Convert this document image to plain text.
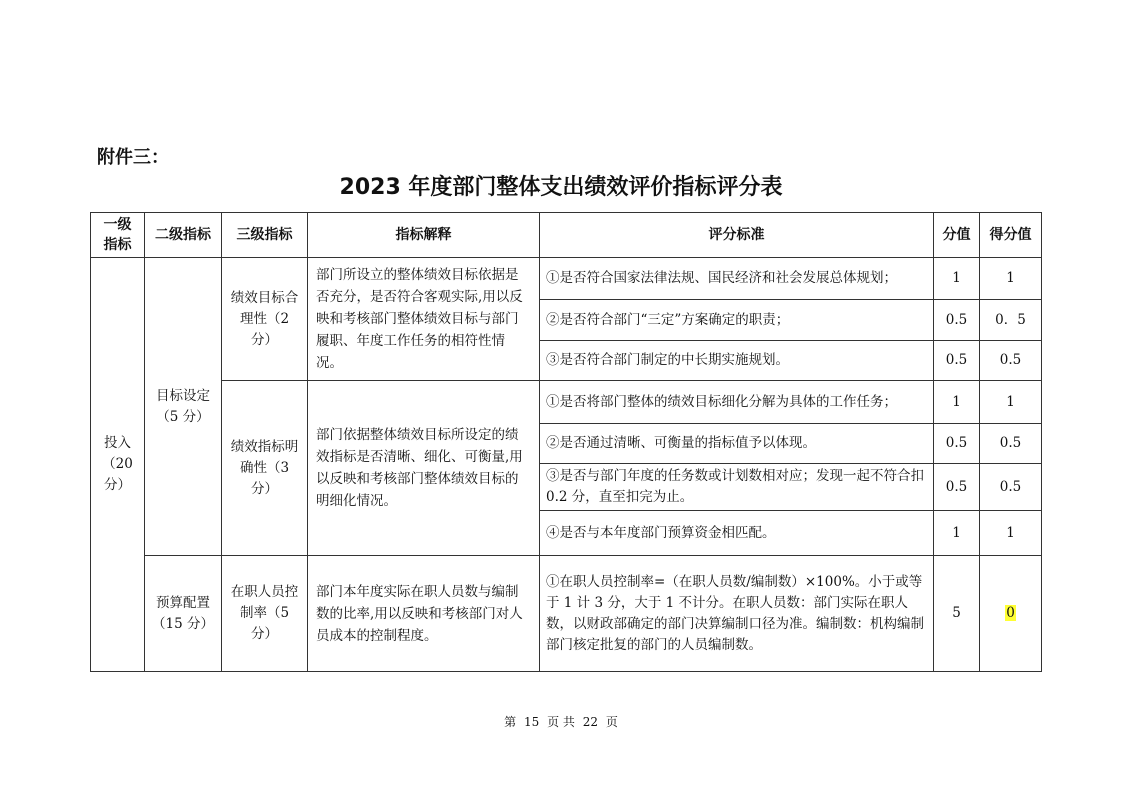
附件三：
2023 年度部门整体支出绩效评价指标评分表
一级指标	二级指标	三级指标	指标解释	评分标准	分值	得分值
投入（20 分）	目标设定（5 分）	绩效目标合理性（2 分）	部门所设立的整体绩效目标依据是否充分，是否符合客观实际,用以反映和考核部门整体绩效目标与部门履职、年度工作任务的相符性情况。	①是否符合国家法律法规、国民经济和社会发展总体规划；	1	1
				②是否符合部门“三定”方案确定的职责；	0.5	0．5
				③是否符合部门制定的中长期实施规划。	0.5	0.5
		绩效指标明确性（3 分）	部门依据整体绩效目标所设定的绩效指标是否清晰、细化、可衡量,用以反映和考核部门整体绩效目标的明细化情况。	①是否将部门整体的绩效目标细化分解为具体的工作任务；	1	1
				②是否通过清晰、可衡量的指标值予以体现。	0.5	0.5
				③是否与部门年度的任务数或计划数相对应；发现一起不符合扣 0.2 分，直至扣完为止。	0.5	0.5
				④是否与本年度部门预算资金相匹配。	1	1
	预算配置（15 分）	在职人员控制率（5 分）	部门本年度实际在职人员数与编制数的比率,用以反映和考核部门对人员成本的控制程度。	①在职人员控制率=（在职人员数/编制数）×100%。小于或等于 1 计 3 分，大于 1 不计分。在职人员数：部门实际在职人数，以财政部确定的部门决算编制口径为准。编制数：机构编制部门核定批复的部门的人员编制数。	5	0
第 15 页 共 22 页
